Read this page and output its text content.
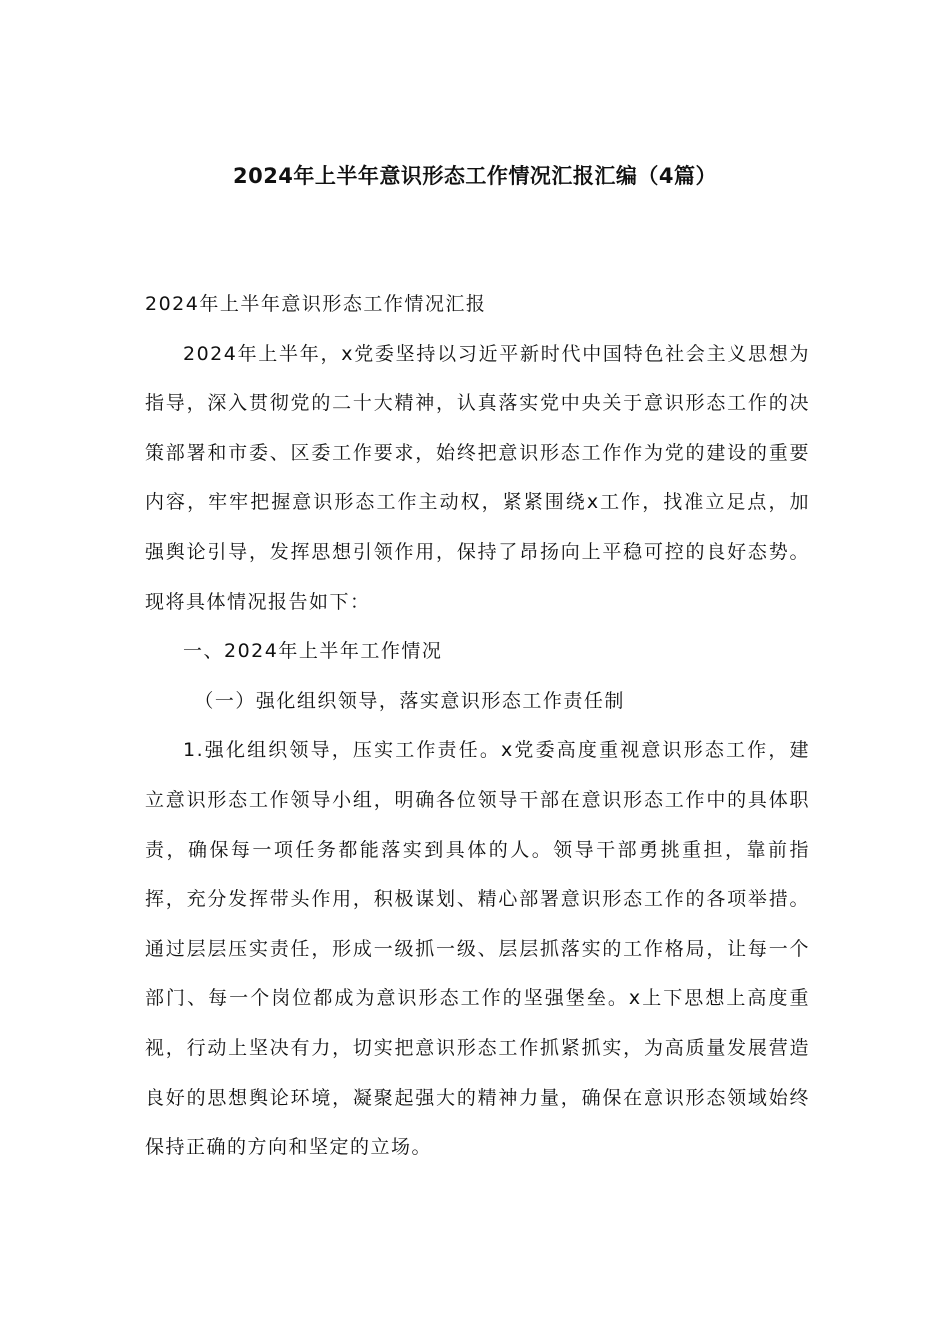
2024年上半年意识形态工作情况汇报汇编（4篇）

2024年上半年意识形态工作情况汇报

2024年上半年，x党委坚持以习近平新时代中国特色社会主义思想为指导，深入贯彻党的二十大精神，认真落实党中央关于意识形态工作的决策部署和市委、区委工作要求，始终把意识形态工作作为党的建设的重要内容，牢牢把握意识形态工作主动权，紧紧围绕x工作，找准立足点，加强舆论引导，发挥思想引领作用，保持了昂扬向上平稳可控的良好态势。现将具体情况报告如下：

一、2024年上半年工作情况

（一）强化组织领导，落实意识形态工作责任制

1.强化组织领导，压实工作责任。x党委高度重视意识形态工作，建立意识形态工作领导小组，明确各位领导干部在意识形态工作中的具体职责，确保每一项任务都能落实到具体的人。领导干部勇挑重担，靠前指挥，充分发挥带头作用，积极谋划、精心部署意识形态工作的各项举措。通过层层压实责任，形成一级抓一级、层层抓落实的工作格局，让每一个部门、每一个岗位都成为意识形态工作的坚强堡垒。x上下思想上高度重视，行动上坚决有力，切实把意识形态工作抓紧抓实，为高质量发展营造良好的思想舆论环境，凝聚起强大的精神力量，确保在意识形态领域始终保持正确的方向和坚定的立场。
